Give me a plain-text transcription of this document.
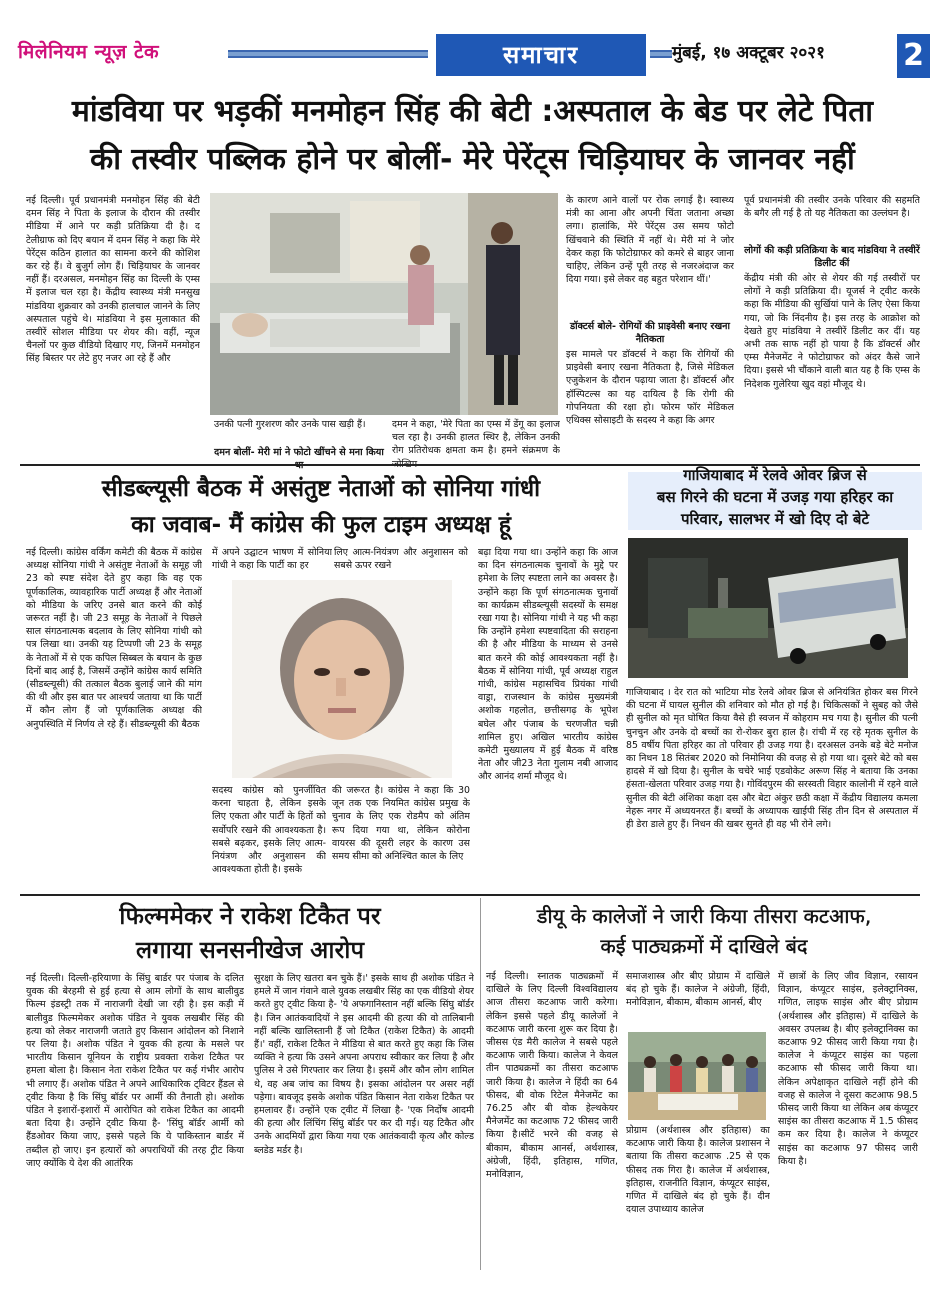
मिलेनियम न्यूज़ टेक	समाचार	मुंबई, १७ अक्टूबर २०२१	2
मांडविया पर भड़कीं मनमोहन सिंह की बेटी :अस्पताल के बेड पर लेटे पिता
की तस्वीर पब्लिक होने पर बोलीं- मेरे पेरेंट्स चिड़ियाघर के जानवर नहीं
नई दिल्ली। पूर्व प्रधानमंत्री मनमोहन सिंह की बेटी दमन सिंह ने पिता के इलाज के दौरान की तस्वीर मीडिया में आने पर कड़ी प्रतिक्रिया दी है। द टेलीग्राफ को दिए बयान में दमन सिंह ने कहा कि मेरे पेरेंट्स कठिन हालात का सामना करने की कोशिश कर रहे हैं। वे बुजुर्ग लोग हैं। चिड़ियाघर के जानवर नहीं हैं। दरअसल, मनमोहन सिंह का दिल्ली के एम्स में इलाज चल रहा है। केंद्रीय स्वास्थ्य मंत्री मनसुख मांडविया शुक्रवार को उनकी हालचाल जानने के लिए अस्पताल पहुंचे थे। मांडविया ने इस मुलाकात की तस्वीरें सोशल मीडिया पर शेयर की। वहीं, न्यूज चैनलों पर कुछ वीडियो दिखाए गए, जिनमें मनमोहन सिंह बिस्तर पर लेटे हुए नजर आ रहे हैं और
उनकी पत्नी गुरशरण कौर उनके पास खड़ी हैं।
दमन बोलीं- मेरी मां ने फोटो खींचने से मना किया
दमन ने कहा, 'मेरे पिता का एम्स में डेंगू का इलाज चल रहा है। उनकी हालत स्थिर है, लेकिन उनकी रोग प्रतिरोधक क्षमता कम है। हमने संक्रमण के
के कारण आने वालों पर रोक लगाई है। स्वास्थ्य मंत्री का आना और अपनी चिंता जताना अच्छा लगा। हालांकि, मेरे पेरेंट्स उस समय फोटो खिंचवाने की स्थिति में नहीं थे। मेरी मां ने जोर देकर कहा कि फोटोग्राफर को कमरे से बाहर जाना चाहिए, लेकिन उन्हें पूरी तरह से नजरअंदाज कर दिया गया। इसे लेकर वह बहुत परेशान थीं।'
डॉक्टर्स बोले- रोगियों की प्राइवेसी बनाए रखना नैतिकता
इस मामले पर डॉक्टर्स ने कहा कि रोगियों की प्राइवेसी बनाए रखना नैतिकता है, जिसे मेडिकल एजुकेशन के दौरान पढ़ाया जाता है। डॉक्टर्स और हॉस्पिटल्स का यह दायित्व है कि रोगी की गोपनियता की रक्षा हो। फोरम फॉर मेडिकल एथिक्स सोसाइटी के सदस्य ने कहा कि अगर
पूर्व प्रधानमंत्री की तस्वीर उनके परिवार की सहमति के बगैर ली गई है तो यह नैतिकता का उल्लंघन है।
लोगों की कड़ी प्रतिक्रिया के बाद मांडविया ने तस्वीरें डिलीट कीं
केंद्रीय मंत्री की ओर से शेयर की गई तस्वीरों पर लोगों ने कड़ी प्रतिक्रिया दी। यूजर्स ने ट्वीट करके कहा कि मीडिया की सुर्खियां पाने के लिए ऐसा किया गया, जो कि निंदनीय है। इस तरह के आक्रोश को देखते हुए मांडविया ने तस्वीरें डिलीट कर दीं। यह अभी तक साफ नहीं हो पाया है कि डॉक्टर्स और एम्स मैनेजमेंट ने फोटोग्राफर को अंदर कैसे जाने दिया। इससे भी चौंकाने वाली बात यह है कि एम्स के निदेशक गुलेरिया खुद वहां मौजूद थे।
सीडब्ल्यूसी बैठक में असंतुष्ट नेताओं को सोनिया गांधी
का जवाब- मैं कांग्रेस की फुल टाइम अध्यक्ष हूं
नई दिल्ली। कांग्रेस वर्किंग कमेटी की बैठक में कांग्रेस अध्यक्ष सोनिया गांधी ने असंतुष्ट नेताओं के समूह जी 23 को स्पष्ट संदेश देते हुए कहा कि वह एक पूर्णकालिक, व्यावहारिक पार्टी अध्यक्ष हैं और नेताओं को मीडिया के जरिए उनसे बात करने की कोई जरूरत नहीं है। जी 23 समूह के नेताओं ने पिछले साल संगठनात्मक बदलाव के लिए सोनिया गांधी को पत्र लिखा था। उनकी यह टिप्पणी जी 23 के समूह के नेताओं में से एक कपिल सिब्बल के बयान के कुछ दिनों बाद आई है, जिसमें उन्होंने कांग्रेस कार्य समिति (सीडब्ल्यूसी) की तत्काल बैठक बुलाई जाने की मांग की थी और इस बात पर आश्चर्य जताया था कि पार्टी में कौन लोग हैं जो पूर्णकालिक अध्यक्ष की अनुपस्थिति में निर्णय ले रहे हैं। सीडब्ल्यूसी की बैठक
में अपने उद्घाटन भाषण में सोनिया गांधी ने कहा कि पार्टी का हर
लिए आत्म-नियंत्रण और अनुशासन को सबसे ऊपर रखने
सदस्य कांग्रेस को पुनर्जीवित करना चाहता है, लेकिन इसके लिए एकता और पार्टी के हितों को सर्वोपरि रखने की आवश्यकता है। सबसे बढ़कर, इसके लिए आत्म-नियंत्रण और अनुशासन की आवश्यकता होती है। इसके
की जरूरत है। कांग्रेस ने कहा कि 30 जून तक एक नियमित कांग्रेस प्रमुख के चुनाव के लिए एक रोडमैप को अंतिम रूप दिया गया था, लेकिन कोरोना वायरस की दूसरी लहर के कारण उस समय सीमा को अनिश्चित काल के लिए
बढ़ा दिया गया था। उन्होंने कहा कि आज का दिन संगठनात्मक चुनावों के मुद्दे पर हमेशा के लिए स्पष्टता लाने का अवसर है। उन्होंने कहा कि पूर्ण संगठनात्मक चुनावों का कार्यक्रम सीडब्ल्यूसी सदस्यों के समक्ष रखा गया है। सोनिया गांधी ने यह भी कहा कि उन्होंने हमेशा स्पष्टवादिता की सराहना की है और मीडिया के माध्यम से उनसे बात करने की कोई आवश्यकता नहीं है। बैठक में सोनिया गांधी, पूर्व अध्यक्ष राहुल गांधी, कांग्रेस महासचिव प्रियंका गांधी वाड्रा, राजस्थान के कांग्रेस मुख्यमंत्री अशोक गहलोत, छत्तीसगढ़ के भूपेश बघेल और पंजाब के चरणजीत चन्नी शामिल हुए। अखिल भारतीय कांग्रेस कमेटी मुख्यालय में हुई बैठक में वरिष्ठ नेता और जी23 नेता गुलाम नबी आजाद और आनंद शर्मा मौजूद थे।
गाजियाबाद में रेलवे ओवर ब्रिज से
बस गिरने की घटना में उजड़ गया हरिहर का
परिवार, सालभर में खो दिए दो बेटे
गाजियाबाद । देर रात को भाटिया मोड रेलवे ओवर ब्रिज से अनियंत्रित होकर बस गिरने की घटना में घायल सुनील की शनिवार को मौत हो गई है। चिकित्सकों ने सुबह को जैसे ही सुनील को मृत घोषित किया वैसे ही स्वजन में कोहराम मच गया है। सुनील की पत्नी चुनचुन और उनके दो बच्चों का रो-रोकर बुरा हाल है। रांची में रह रहे मृतक सुनील के 85 वर्षीय पिता हरिहर का तो परिवार ही उजड़ गया है। दरअसल उनके बड़े बेटे मनोज का निधन 18 सितंबर 2020 को निमोनिया की वजह से हो गया था। दूसरे बेटे को बस हादसे में खो दिया है। सुनील के चचेरे भाई एडवोकेट अरूण सिंह ने बताया कि उनका हंसता-खेलता परिवार उजड़ गया है। गोविंदपुरम की सरस्वती विहार कालोनी में रहने वाले सुनील की बेटी अंशिका कक्षा दस और बेटा अंकुर छठी कक्षा में केंद्रीय विद्यालय कमला नेहरू नगर में अध्ययनरत हैं। बच्चों के अध्यापक खाईपी सिंह तीन दिन से अस्पताल में ही डेरा डाले हुए हैं। निधन की खबर सुनते ही वह भी रोने लगे।
फिल्ममेकर ने राकेश टिकैत पर
लगाया सनसनीखेज आरोप
नई दिल्ली। दिल्ली-हरियाणा के सिंघु बार्डर पर पंजाब के दलित युवक की बेरहमी से हुई हत्या से आम लोगों के साथ बालीवुड फिल्म इंडस्ट्री तक में नाराजगी देखी जा रही है। इस कड़ी में बालीवुड फिल्ममेकर अशोक पंडित ने युवक लखबीर सिंह की हत्या को लेकर नाराजगी जताते हुए किसान आंदोलन को निशाने पर लिया है। अशोक पंडित ने युवक की हत्या के मसले पर भारतीय किसान यूनियन के राष्ट्रीय प्रवक्ता राकेश टिकैत पर हमला बोला है। किसान नेता राकेश टिकैत पर कई गंभीर आरोप भी लगाए हैं। अशोक पंडित ने अपने आधिकारिक ट्विटर हैंडल से ट्वीट किया है कि सिंघु बॉर्डर पर आर्मी की तैनाती हो। अशोक पंडित ने इशारों-इशारों में आरोपित को राकेश टिकैत का आदमी बता दिया है। उन्होंने ट्वीट किया है- 'सिंघु बॉर्डर आर्मी को हैंडओवर किया जाए, इससे पहले कि ये पाकिस्तान बार्डर में तब्दील हो जाए। इन हत्यारों को अपराधियों की तरह ट्रीट किया जाए क्योंकि ये देश की आतंरिक
सुरक्षा के लिए खतरा बन चुके हैं।' इसके साथ ही अशोक पंडित ने हमले में जान गंवाने वाले युवक लखबीर सिंह का एक वीडियो शेयर करते हुए ट्वीट किया है- 'ये अफगानिस्तान नहीं बल्कि सिंघु बॉर्डर है। जिन आतंकवादियों ने इस आदमी की हत्या की वो तालिबानी नहीं बल्कि खालिस्तानी हैं जो टिकैत (राकेश टिकैत) के आदमी हैं।' वहीं, राकेश टिकैत ने मीडिया से बात करते हुए कहा कि जिस व्यक्ति ने हत्या कि उसने अपना अपराध स्वीकार कर लिया है और पुलिस ने उसे गिरफ्तार कर लिया है। इसमें और कौन लोग शामिल थे, वह अब जांच का विषय है। इसका आंदोलन पर असर नहीं पड़ेगा। बावजूद इसके अशोक पंडित किसान नेता राकेश टिकैत पर हमलावर हैं। उन्होंने एक ट्वीट में लिखा है- 'एक निर्दोष आदमी की हत्या और लिंचिंग सिंघु बॉर्डर पर कर दी गई। यह टिकैत और उनके आदमियों द्वारा किया गया एक आतंकवादी कृत्य और कोल्ड ब्लडेड मर्डर है।
डीयू के कालेजों ने जारी किया तीसरा कटआफ,
कई पाठ्यक्रमों में दाखिले बंद
नई दिल्ली। स्नातक पाठ्यक्रमों में दाखिले के लिए दिल्ली विश्वविद्यालय आज तीसरा कटआफ जारी करेगा। लेकिन इससे पहले डीयू कालेजों ने कटआफ जारी करना शुरू कर दिया है। जीसस एंड मैरी कालेज ने सबसे पहले कटआफ जारी किया। कालेज ने केवल तीन पाठ्यक्रमों का तीसरा कटआफ जारी किया है। कालेज ने हिंदी का 64 फीसद, बी वोक रिटेल मैनेजमेंट का 76.25 और बी वोक हेल्थकेयर मैनेजमेंट का कटआफ 72 फीसद जारी किया है।सीटें भरने की वजह से बीकाम, बीकाम आनर्स, अर्थशास्त्र, अंग्रेजी, हिंदी, इतिहास, गणित, मनोविज्ञान,
समाजशास्त्र और बीए प्रोग्राम में दाखिले बंद हो चुके हैं। कालेज ने अंग्रेजी, हिंदी, मनोविज्ञान, बीकाम, बीकाम आनर्स, बीए
प्रोग्राम (अर्थशास्त्र और इतिहास) का कटआफ जारी किया है। कालेज प्रशासन ने बताया कि तीसरा कटआफ .25 से एक फीसद तक गिरा है। कालेज में अर्थशास्त्र, इतिहास, राजनीति विज्ञान, कंप्यूटर साइंस, गणित में दाखिले बंद हो चुके हैं। दीन दयाल उपाध्याय कालेज
में छात्रों के लिए जीव विज्ञान, रसायन विज्ञान, कंप्यूटर साइंस, इलेक्ट्रानिक्स, गणित, लाइफ साइंस और बीए प्रोग्राम (अर्थशास्त्र और इतिहास) में दाखिले के अवसर उपलब्ध है। बीए इलेक्ट्रानिक्स का कटआफ 92 फीसद जारी किया गया है। कालेज ने कंप्यूटर साइंस का पहला कटआफ सौ फीसद जारी किया था। लेकिन अपेक्षाकृत दाखिले नहीं होने की वजह से कालेज ने दूसरा कटआफ 98.5 फीसद जारी किया था लेकिन अब कंप्यूटर साइंस का तीसरा कटआफ में 1.5 फीसद कम कर दिया है। कालेज ने कंप्यूटर साइंस का कटआफ 97 फीसद जारी किया है।
